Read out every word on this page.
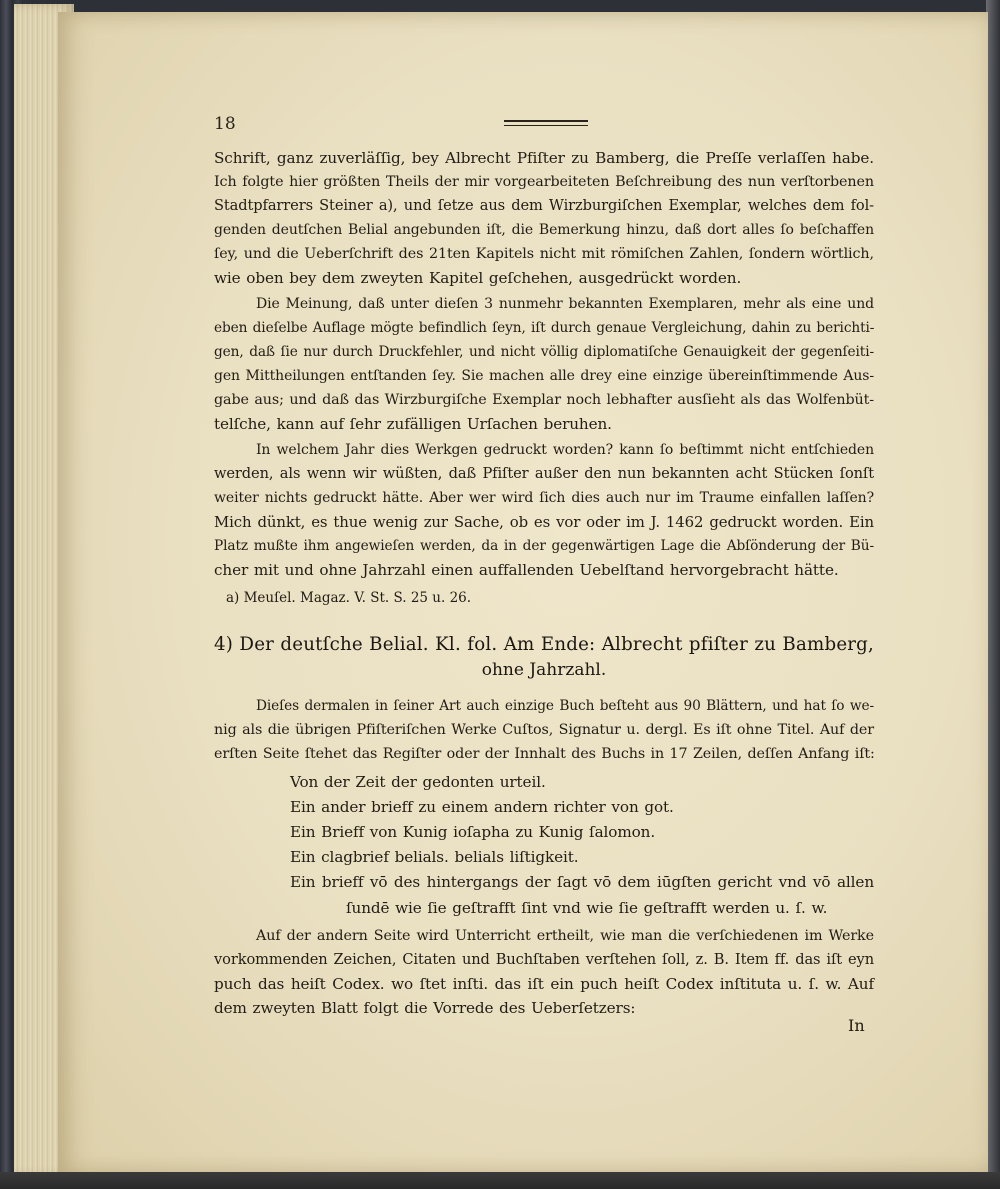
18
Schrift, ganz zuverläſſig, bey Albrecht Pfiſter zu Bamberg, die Preſſe verlaſſen habe.
Ich folgte hier größten Theils der mir vorgearbeiteten Beſchreibung des nun verſtorbenen
Stadtpfarrers Steiner a), und ſetze aus dem Wirzburgiſchen Exemplar, welches dem fol-
genden deutſchen Belial angebunden iſt, die Bemerkung hinzu, daß dort alles ſo beſchaffen
ſey, und die Ueberſchrift des 21ten Kapitels nicht mit römiſchen Zahlen, ſondern wörtlich,
wie oben bey dem zweyten Kapitel geſchehen, ausgedrückt worden.
Die Meinung, daß unter dieſen 3 nunmehr bekannten Exemplaren, mehr als eine und
eben dieſelbe Auflage mögte befindlich ſeyn, iſt durch genaue Vergleichung, dahin zu berichti-
gen, daß ſie nur durch Druckfehler, und nicht völlig diplomatiſche Genauigkeit der gegenſeiti-
gen Mittheilungen entſtanden ſey. Sie machen alle drey eine einzige übereinſtimmende Aus-
gabe aus; und daß das Wirzburgiſche Exemplar noch lebhafter ausſieht als das Wolfenbüt-
telſche, kann auf ſehr zufälligen Urſachen beruhen.
In welchem Jahr dies Werkgen gedruckt worden? kann ſo beſtimmt nicht entſchieden
werden, als wenn wir wüßten, daß Pfiſter außer den nun bekannten acht Stücken ſonſt
weiter nichts gedruckt hätte. Aber wer wird ſich dies auch nur im Traume einfallen laſſen?
Mich dünkt, es thue wenig zur Sache, ob es vor oder im J. 1462 gedruckt worden. Ein
Platz mußte ihm angewieſen werden, da in der gegenwärtigen Lage die Abſönderung der Bü-
cher mit und ohne Jahrzahl einen auffallenden Uebelſtand hervorgebracht hätte.
a) Meuſel. Magaz. V. St. S. 25 u. 26.
4) Der deutſche Belial. Kl. fol. Am Ende: Albrecht pfiſter zu Bamberg,
ohne Jahrzahl.
Dieſes dermalen in ſeiner Art auch einzige Buch beſteht aus 90 Blättern, und hat ſo we-
nig als die übrigen Pfiſteriſchen Werke Cuſtos, Signatur u. dergl. Es iſt ohne Titel. Auf der
erſten Seite ſtehet das Regiſter oder der Innhalt des Buchs in 17 Zeilen, deſſen Anfang iſt:
Von der Zeit der gedonten urteil.
Ein ander brieff zu einem andern richter von got.
Ein Brieff von Kunig ioſapha zu Kunig ſalomon.
Ein clagbrief belials. belials liſtigkeit.
Ein brieff vō des hintergangs der ſagt vō dem iūgſten gericht vnd vō allen
ſundē wie ſie geſtrafft ſint vnd wie ſie geſtrafft werden u. ſ. w.
Auf der andern Seite wird Unterricht ertheilt, wie man die verſchiedenen im Werke
vorkommenden Zeichen, Citaten und Buchſtaben verſtehen ſoll, z. B. Item ff. das iſt eyn
puch das heiſt Codex. wo ſtet inſti. das iſt ein puch heiſt Codex inſtituta u. ſ. w. Auf
dem zweyten Blatt folgt die Vorrede des Ueberſetzers:
In
